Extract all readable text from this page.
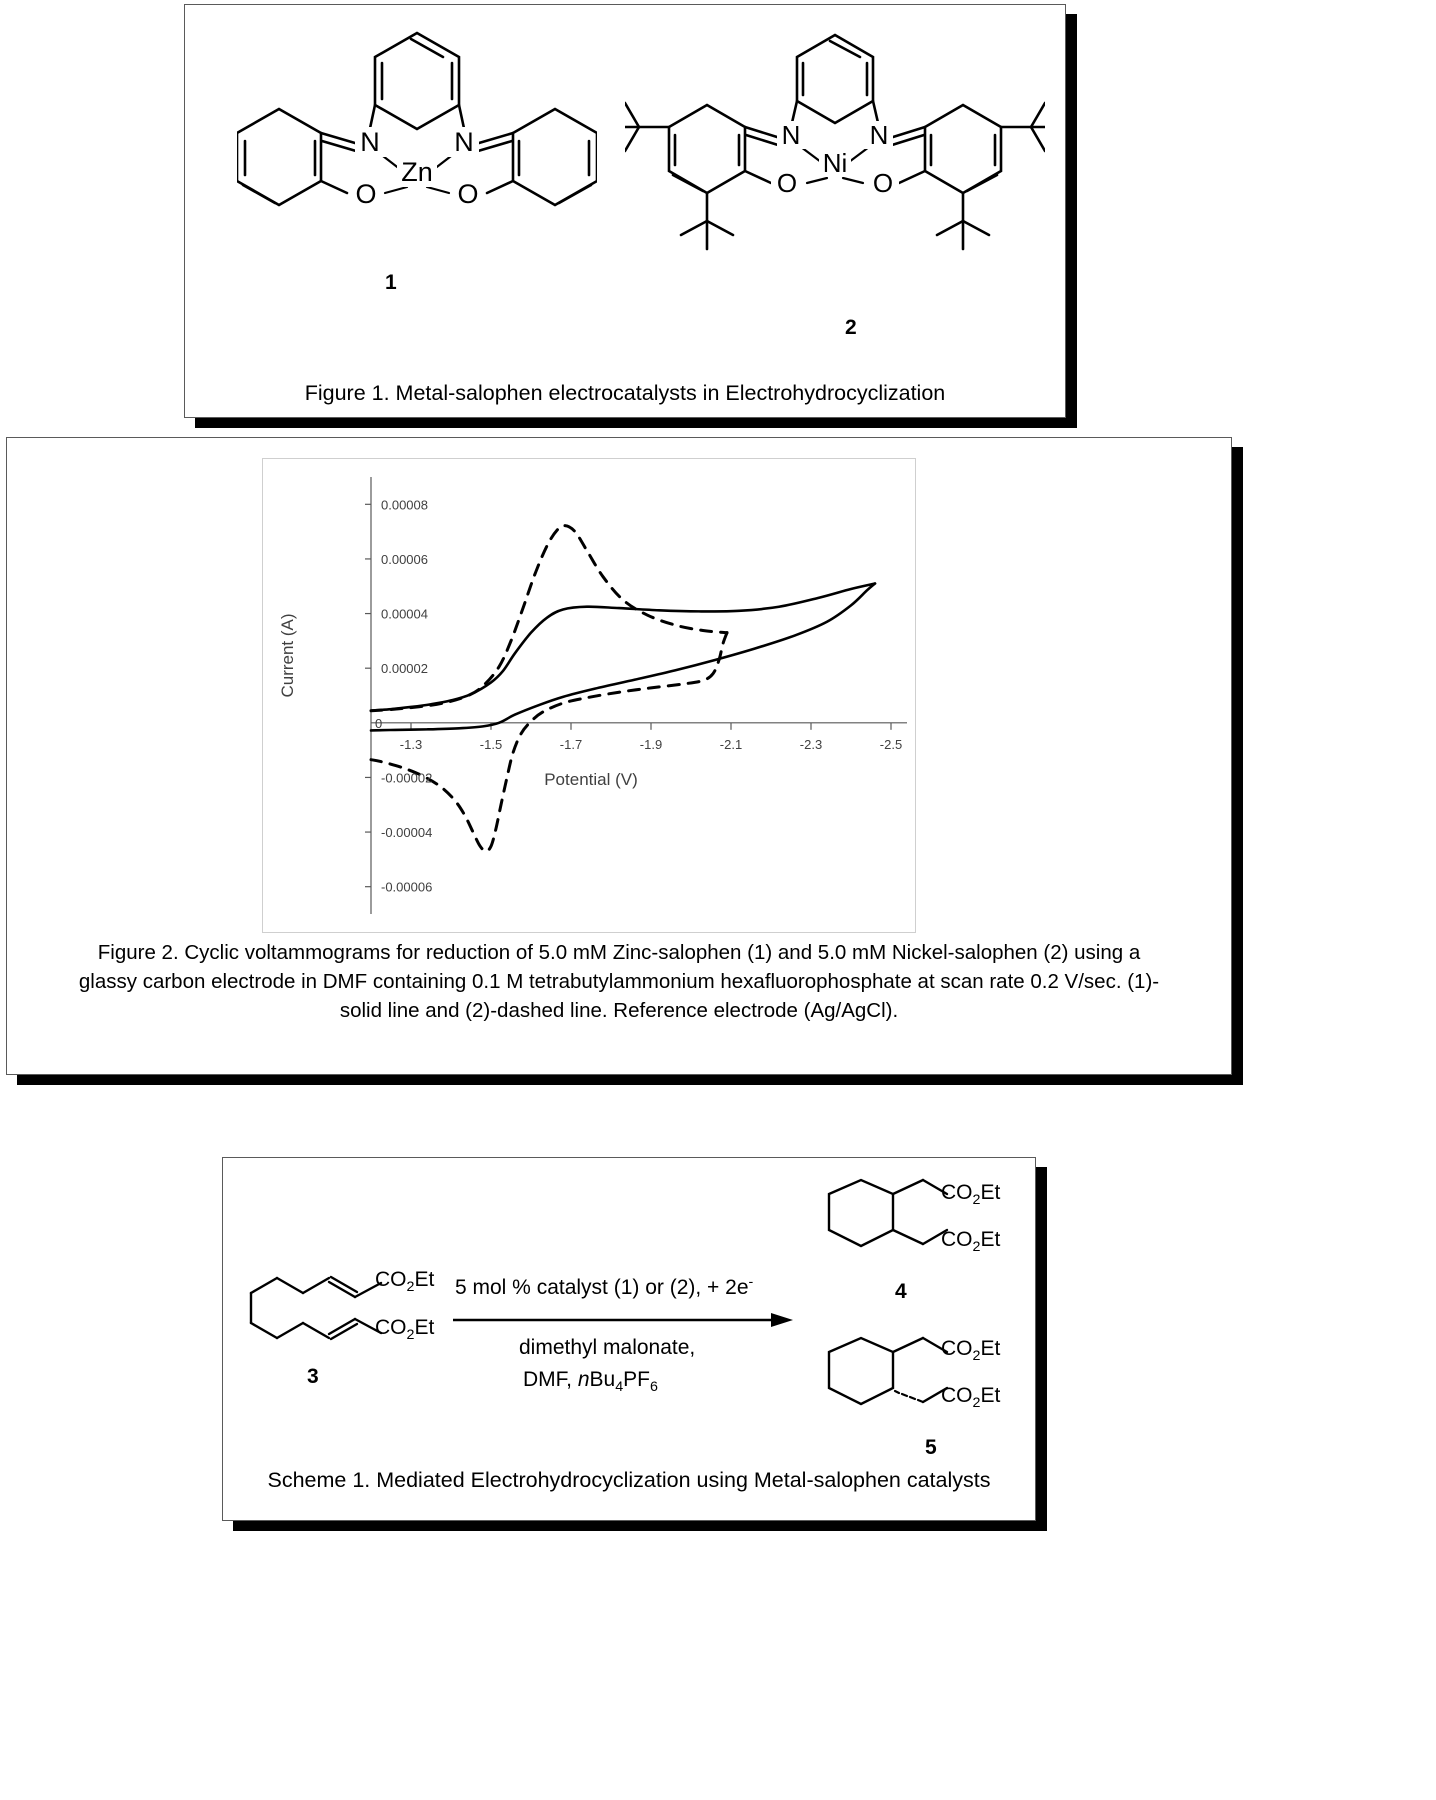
N	N
O	O
Zn
1
N	N
O	O
Ni
2
Figure 1. Metal-salophen electrocatalysts in Electrohydrocyclization
0.00008
0.00006
0.00004
0.00002
0
-0.00002
-0.00004
-0.00006
-1.3	-1.5	-1.7	-1.9	-2.1	-2.3	-2.5
Potential (V)
Current (A)
Figure 2. Cyclic voltammograms for reduction of 5.0 mM Zinc-salophen (1) and 5.0 mM Nickel-salophen (2) using a
glassy carbon electrode in DMF containing 0.1 M tetrabutylammonium hexafluorophosphate at scan rate 0.2 V/sec. (1)-
solid line and (2)-dashed line. Reference electrode (Ag/AgCl).
$CO_2Et$
$CO_2Et$
3
5 mol % catalyst (1) or (2), + 2e-
dimethyl malonate,
DMF, $nBu_4PF_6$
$CO_2Et$
$CO_2Et$
4
$CO_2Et$
$CO_2Et$
5
Scheme 1. Mediated Electrohydrocyclization using Metal-salophen catalysts
